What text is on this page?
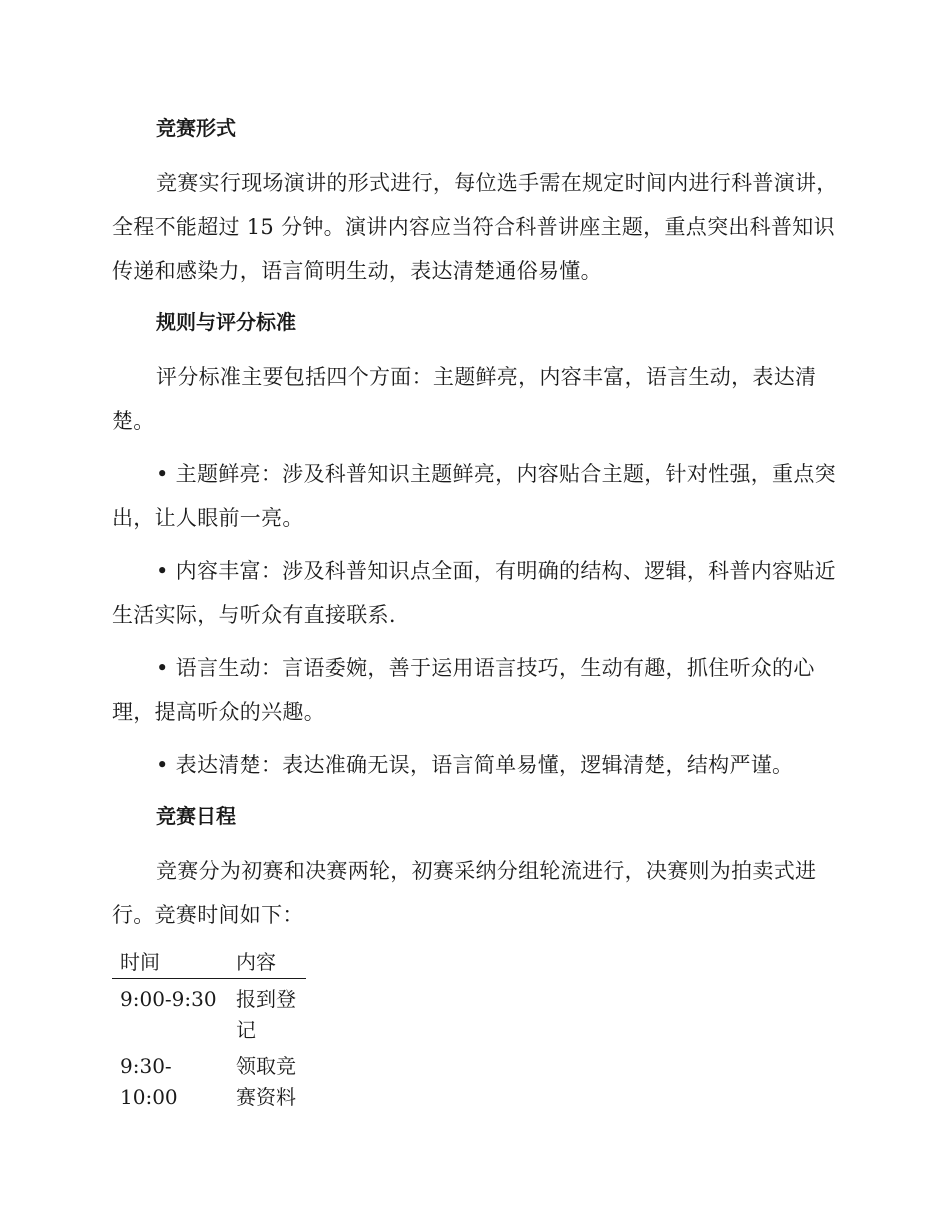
竞赛形式

竞赛实行现场演讲的形式进行，每位选手需在规定时间内进行科普演讲，全程不能超过 15 分钟。演讲内容应当符合科普讲座主题，重点突出科普知识传递和感染力，语言简明生动，表达清楚通俗易懂。

规则与评分标准

评分标准主要包括四个方面：主题鲜亮，内容丰富，语言生动，表达清楚。

• 主题鲜亮：涉及科普知识主题鲜亮，内容贴合主题，针对性强，重点突出，让人眼前一亮。

• 内容丰富：涉及科普知识点全面，有明确的结构、逻辑，科普内容贴近生活实际，与听众有直接联系.

• 语言生动：言语委婉，善于运用语言技巧，生动有趣，抓住听众的心理，提高听众的兴趣。

• 表达清楚：表达准确无误，语言简单易懂，逻辑清楚，结构严谨。

竞赛日程

竞赛分为初赛和决赛两轮，初赛采纳分组轮流进行，决赛则为拍卖式进行。竞赛时间如下：

时间	内容
9:00-9:30	报到登记
9:30-10:00	领取竞赛资料
